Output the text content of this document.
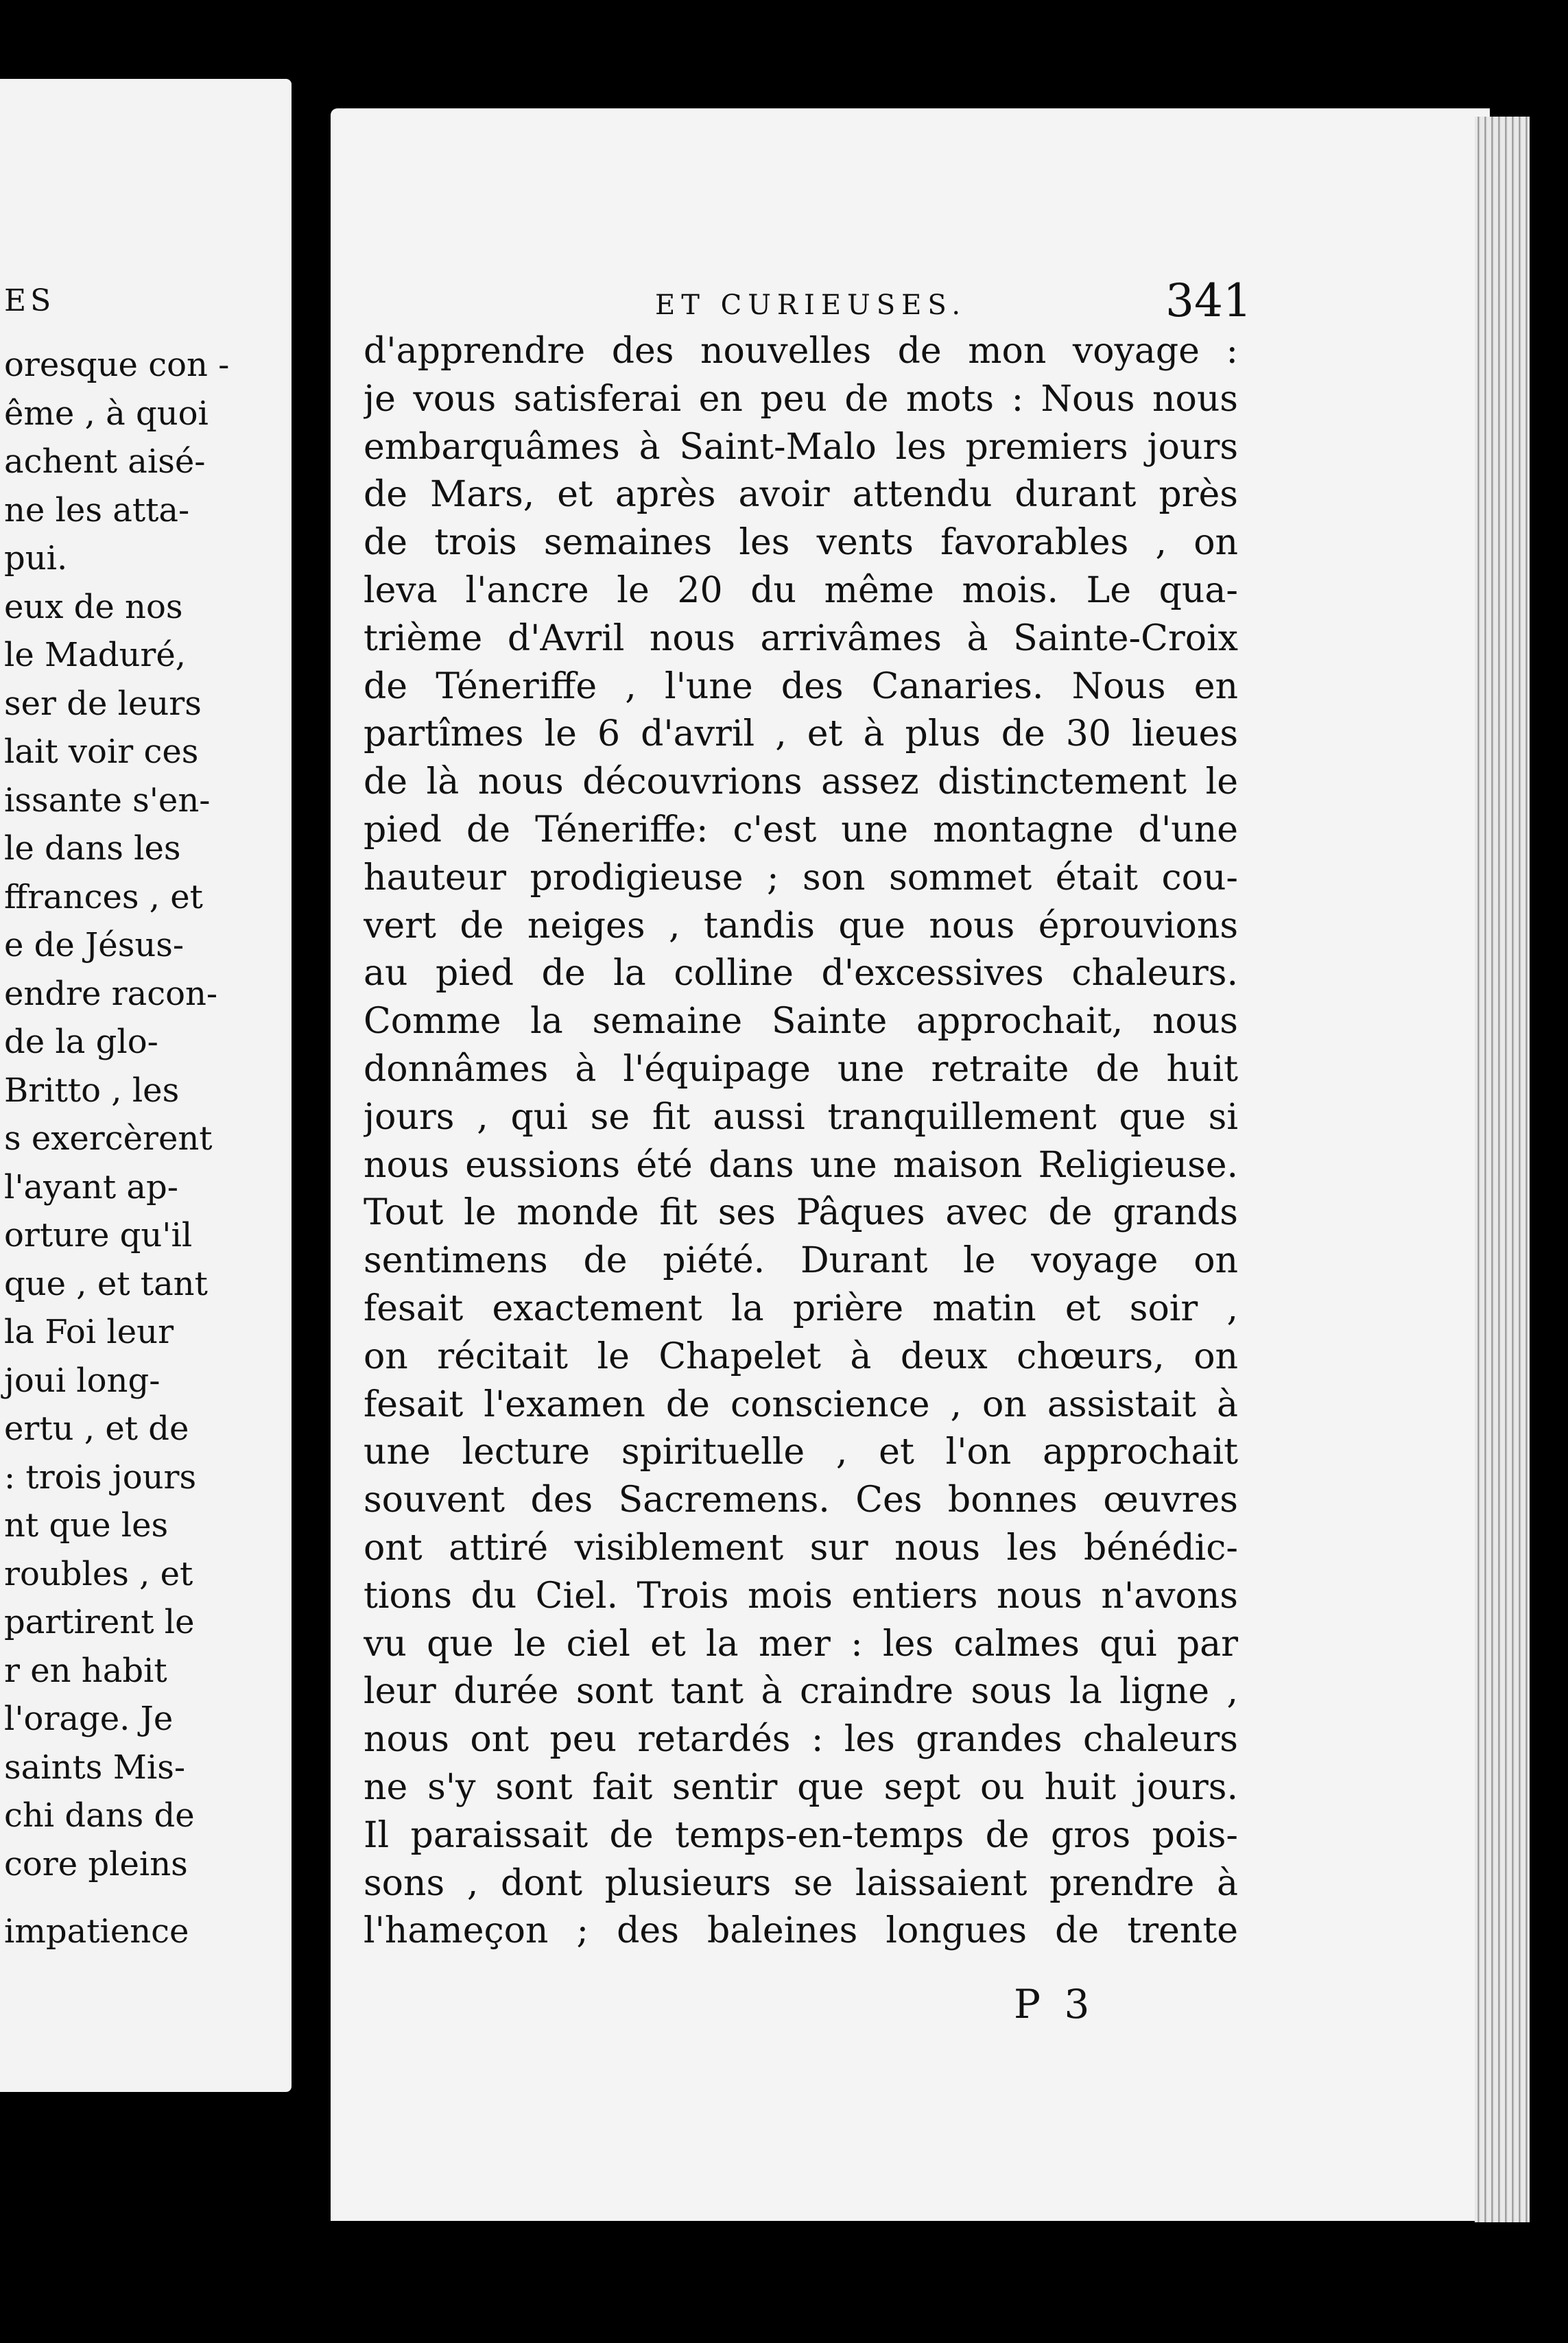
ES
oresque con -
ême , à quoi
achent aisé-
ne les atta-
pui.
eux de nos
le Maduré,
ser de leurs
lait voir ces
issante s'en-
le dans les
ffrances , et
e de Jésus-
endre racon-
de la glo-
Britto , les
s exercèrent
l'ayant ap-
orture qu'il
que , et tant
la Foi leur
joui long-
ertu , et de
: trois jours
nt que les
roubles , et
partirent le
r en habit
l'orage. Je
saints Mis-
chi dans de
core pleins
impatience
ET CURIEUSES.	341
d'apprendre des nouvelles de mon voyage :
je vous satisferai en peu de mots : Nous nous
embarquâmes à Saint-Malo les premiers jours
de Mars, et après avoir attendu durant près
de trois semaines les vents favorables , on
leva l'ancre le 20 du même mois. Le qua-
trième d'Avril nous arrivâmes à Sainte-Croix
de Téneriffe , l'une des Canaries. Nous en
partîmes le 6 d'avril , et à plus de 30 lieues
de là nous découvrions assez distinctement le
pied de Téneriffe: c'est une montagne d'une
hauteur prodigieuse ; son sommet était cou-
vert de neiges , tandis que nous éprouvions
au pied de la colline d'excessives chaleurs.
Comme la semaine Sainte approchait, nous
donnâmes à l'équipage une retraite de huit
jours , qui se fit aussi tranquillement que si
nous eussions été dans une maison Religieuse.
Tout le monde fit ses Pâques avec de grands
sentimens de piété. Durant le voyage on
fesait exactement la prière matin et soir ,
on récitait le Chapelet à deux chœurs, on
fesait l'examen de conscience , on assistait à
une lecture spirituelle , et l'on approchait
souvent des Sacremens. Ces bonnes œuvres
ont attiré visiblement sur nous les bénédic-
tions du Ciel. Trois mois entiers nous n'avons
vu que le ciel et la mer : les calmes qui par
leur durée sont tant à craindre sous la ligne ,
nous ont peu retardés : les grandes chaleurs
ne s'y sont fait sentir que sept ou huit jours.
Il paraissait de temps-en-temps de gros pois-
sons , dont plusieurs se laissaient prendre à
l'hameçon ; des baleines longues de trente
P 3
